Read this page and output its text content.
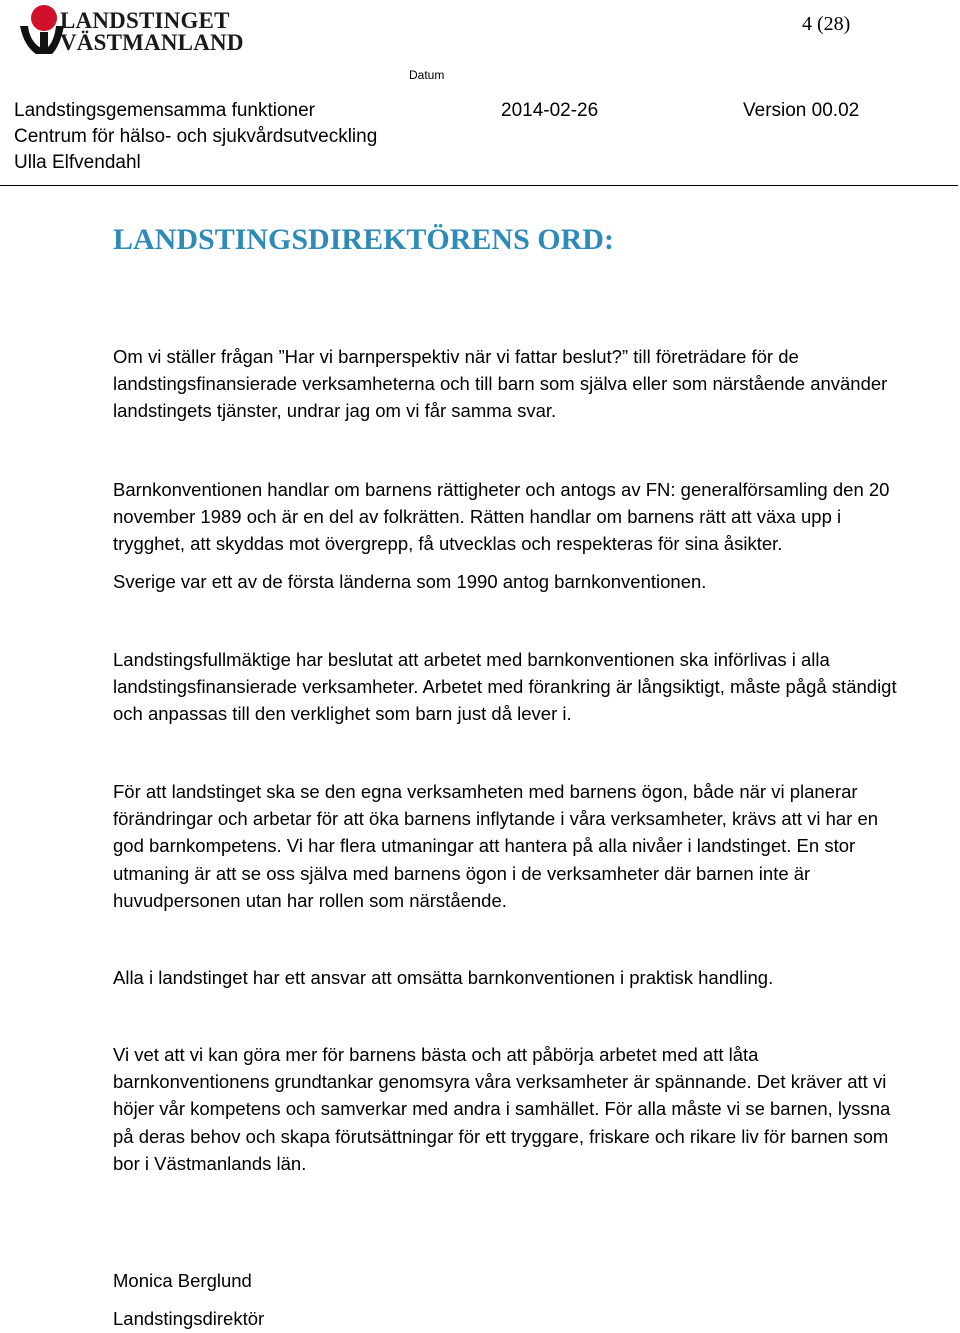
LANDSTINGET
VÄSTMANLAND
4 (28)
Datum
Landstingsgemensamma funktioner	2014-02-26	Version 00.02
Centrum för hälso- och sjukvårdsutveckling
Ulla Elfvendahl
LANDSTINGSDIREKTÖRENS ORD:
Om vi ställer frågan ”Har vi barnperspektiv när vi fattar beslut?” till företrädare för de
landstingsfinansierade verksamheterna och till barn som själva eller som närstående använder
landstingets tjänster, undrar jag om vi får samma svar.
Barnkonventionen handlar om barnens rättigheter och antogs av FN: generalförsamling den 20
november 1989 och är en del av folkrätten. Rätten handlar om barnens rätt att växa upp i
trygghet, att skyddas mot övergrepp, få utvecklas och respekteras för sina åsikter.
Sverige var ett av de första länderna som 1990 antog barnkonventionen.
Landstingsfullmäktige har beslutat att arbetet med barnkonventionen ska införlivas i alla
landstingsfinansierade verksamheter. Arbetet med förankring är långsiktigt, måste pågå ständigt
och anpassas till den verklighet som barn just då lever i.
För att landstinget ska se den egna verksamheten med barnens ögon, både när vi planerar
förändringar och arbetar för att öka barnens inflytande i våra verksamheter, krävs att vi har en
god barnkompetens. Vi har flera utmaningar att hantera på alla nivåer i landstinget. En stor
utmaning är att se oss själva med barnens ögon i de verksamheter där barnen inte är
huvudpersonen utan har rollen som närstående.
Alla i landstinget har ett ansvar att omsätta barnkonventionen i praktisk handling.
Vi vet att vi kan göra mer för barnens bästa och att påbörja arbetet med att låta
barnkonventionens grundtankar genomsyra våra verksamheter är spännande. Det kräver att vi
höjer vår kompetens och samverkar med andra i samhället. För alla måste vi se barnen, lyssna
på deras behov och skapa förutsättningar för ett tryggare, friskare och rikare liv för barnen som
bor i Västmanlands län.
Monica Berglund
Landstingsdirektör
